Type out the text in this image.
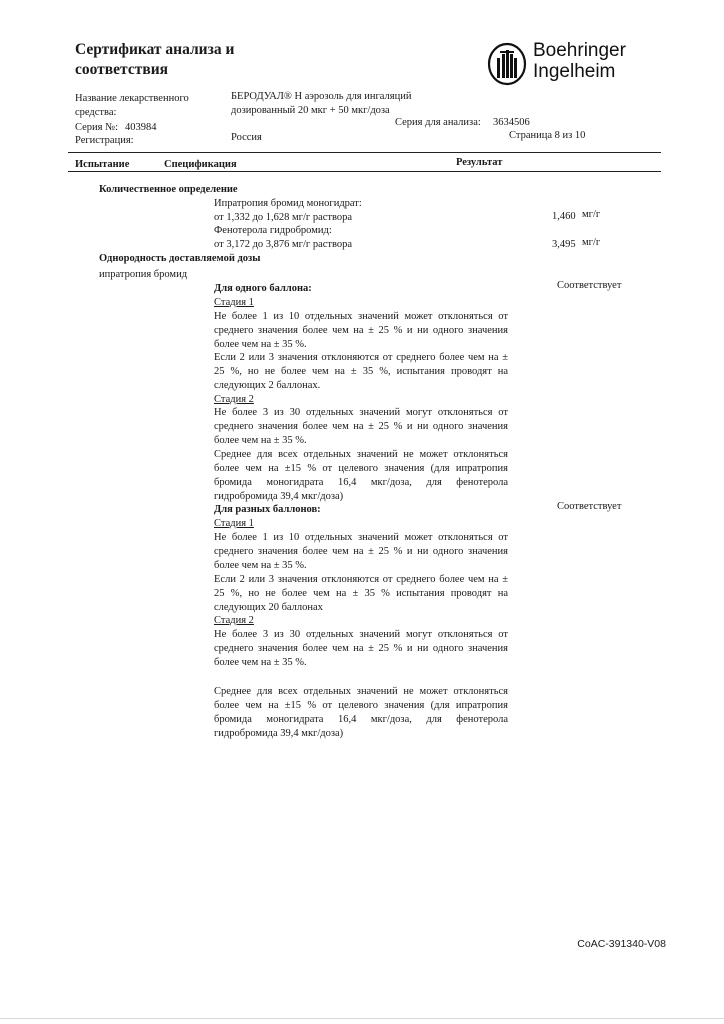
Сертификат анализа и соответствия
Boehringer
Ingelheim
Название лекарственного средства:
БЕРОДУАЛ® Н аэрозоль для ингаляций
дозированный 20 мкг + 50 мкг/доза
Серия №: 403984	Серия для анализа: 3634506
Регистрация:	Россия	Страница 8 из 10
Испытание	Спецификация	Результат
Количественное определение
Ипратропия бромид моногидрат:
от 1,332 до 1,628 мг/г раствора	1,460 мг/г
Фенотерола гидробромид:
от 3,172 до 3,876 мг/г раствора	3,495 мг/г
Однородность доставляемой дозы
ипратропия бромид
Для одного баллона:	Соответствует
Стадия 1
Не более 1 из 10 отдельных значений может отклоняться от среднего значения более чем на ± 25 % и ни одного значения более чем на ± 35 %.
Если 2 или 3 значения отклоняются от среднего более чем на ± 25 %, но не более чем на ± 35 %, испытания проводят на следующих 2 баллонах.
Стадия 2
Не более 3 из 30 отдельных значений могут отклоняться от среднего значения более чем на ± 25 % и ни одного значения более чем на ± 35 %.
Среднее для всех отдельных значений не может отклоняться более чем на ±15 % от целевого значения (для ипратропия бромида моногидрата 16,4 мкг/доза, для фенотерола гидробромида 39,4 мкг/доза)
Для разных баллонов:	Соответствует
Стадия 1
Не более 1 из 10 отдельных значений может отклоняться от среднего значения более чем на ± 25 % и ни одного значения более чем на ± 35 %.
Если 2 или 3 значения отклоняются от среднего более чем на ± 25 %, но не более чем на ± 35 % испытания проводят на следующих 20 баллонах
Стадия 2
Не более 3 из 30 отдельных значений могут отклоняться от среднего значения более чем на ± 25 % и ни одного значения более чем на ± 35 %.
Среднее для всех отдельных значений не может отклоняться более чем на ±15 % от целевого значения (для ипратропия бромида моногидрата 16,4 мкг/доза, для фенотерола гидробромида 39,4 мкг/доза)
CoAC-391340-V08
